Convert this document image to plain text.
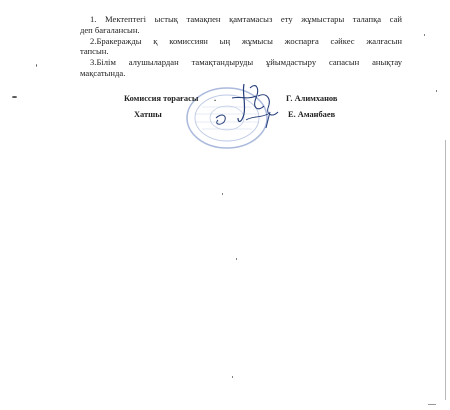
1. Мектептегі ыстық тамақпен қамтамасыз ету жұмыстары талапқа сай
деп бағалансын.
2.Бракеражды қ комиссиян ың жұмысы жоспарға сәйкес жалғасын
тапсын.
3.Білім алушылардан тамақтандыруды ұйымдастыру сапасын анықтау
мақсатында.
Комиссия торағасы .	Г. Алимханов
Хатшы	Е. Аманбаев
